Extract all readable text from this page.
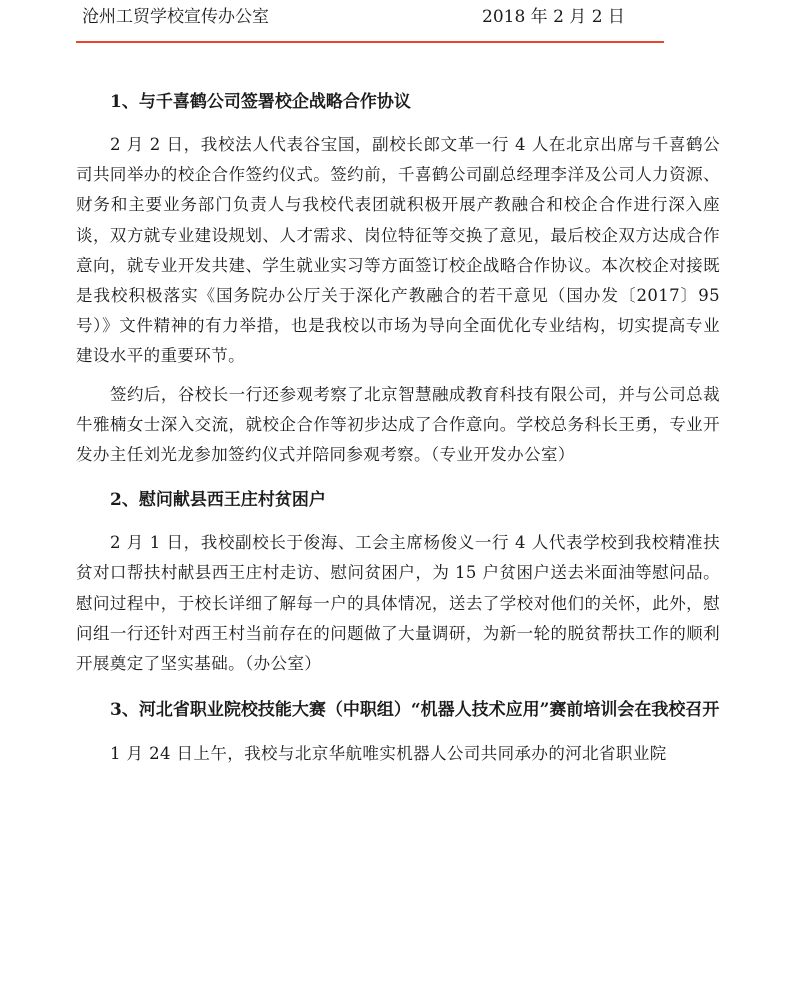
沧州工贸学校宣传办公室	2018 年 2 月 2 日

1、与千喜鹤公司签署校企战略合作协议

2 月 2 日，我校法人代表谷宝国，副校长郎文革一行 4 人在北京出席与千喜鹤公司共同举办的校企合作签约仪式。签约前，千喜鹤公司副总经理李洋及公司人力资源、财务和主要业务部门负责人与我校代表团就积极开展产教融合和校企合作进行深入座谈，双方就专业建设规划、人才需求、岗位特征等交换了意见，最后校企双方达成合作意向，就专业开发共建、学生就业实习等方面签订校企战略合作协议。本次校企对接既是我校积极落实《国务院办公厅关于深化产教融合的若干意见（国办发〔2017〕95 号）》文件精神的有力举措，也是我校以市场为导向全面优化专业结构，切实提高专业建设水平的重要环节。

签约后，谷校长一行还参观考察了北京智慧融成教育科技有限公司，并与公司总裁牛雅楠女士深入交流，就校企合作等初步达成了合作意向。学校总务科长王勇，专业开发办主任刘光龙参加签约仪式并陪同参观考察。（专业开发办公室）

2、慰问献县西王庄村贫困户

2 月 1 日，我校副校长于俊海、工会主席杨俊义一行 4 人代表学校到我校精准扶贫对口帮扶村献县西王庄村走访、慰问贫困户，为 15 户贫困户送去米面油等慰问品。慰问过程中，于校长详细了解每一户的具体情况，送去了学校对他们的关怀，此外，慰问组一行还针对西王村当前存在的问题做了大量调研，为新一轮的脱贫帮扶工作的顺利开展奠定了坚实基础。（办公室）

3、河北省职业院校技能大赛（中职组）“机器人技术应用”赛前培训会在我校召开

1 月 24 日上午，我校与北京华航唯实机器人公司共同承办的河北省职业院
